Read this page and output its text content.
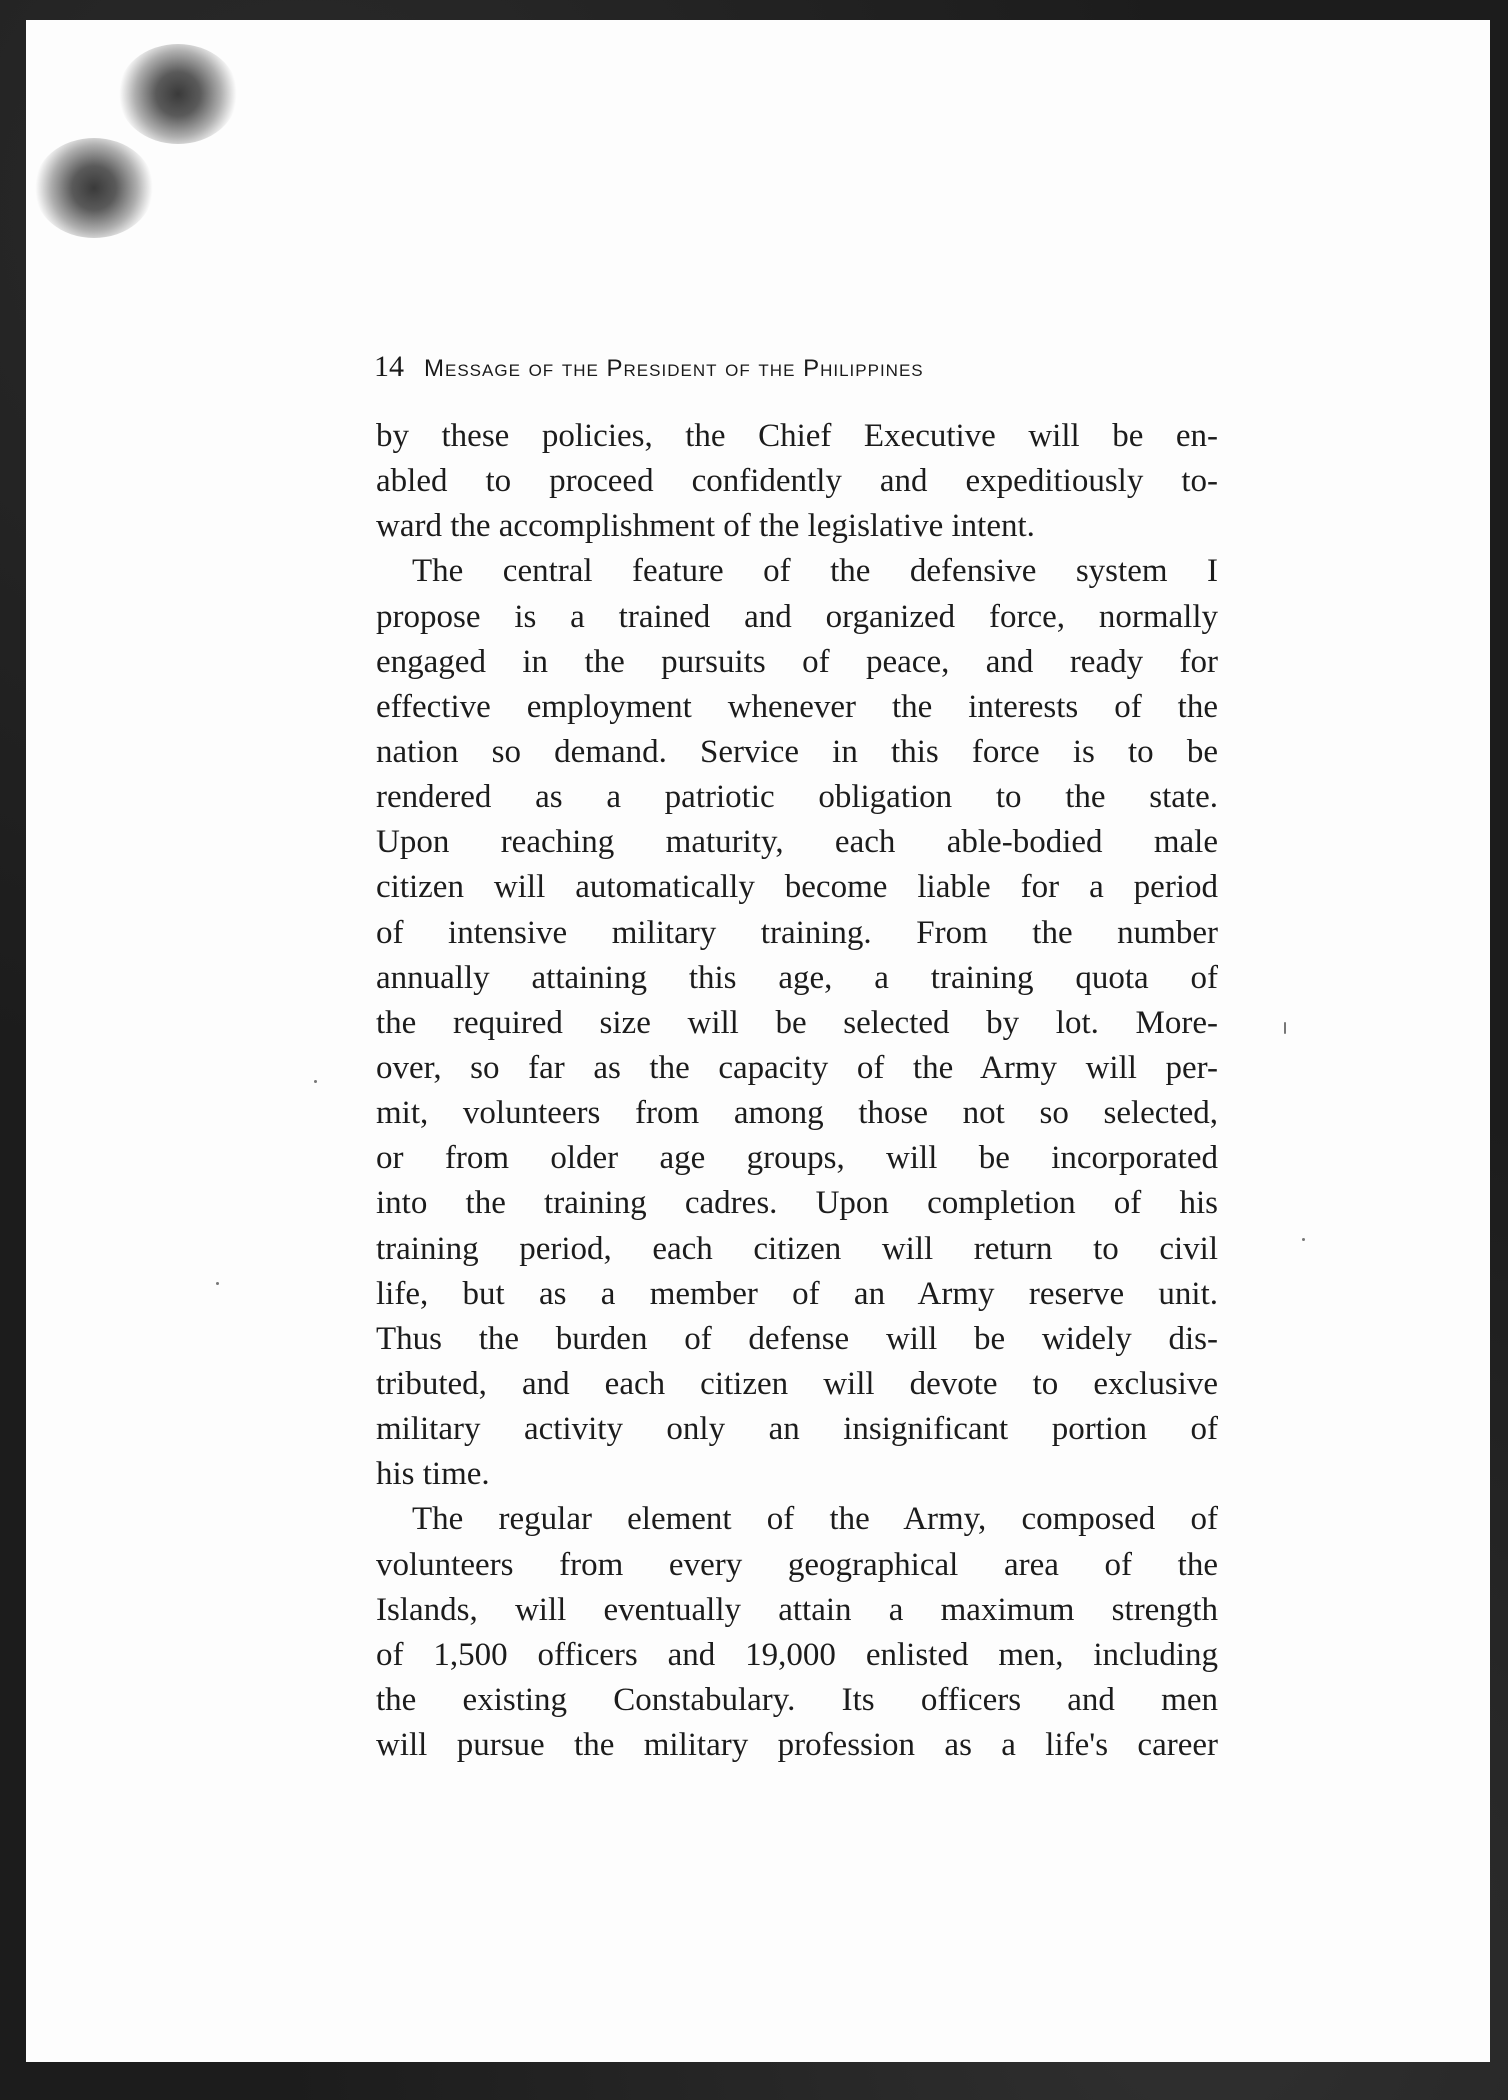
14 Message of the President of the Philippines
by these policies, the Chief Executive will be en-
abled to proceed confidently and expeditiously to-
ward the accomplishment of the legislative intent.
The central feature of the defensive system I
propose is a trained and organized force, normally
engaged in the pursuits of peace, and ready for
effective employment whenever the interests of the
nation so demand. Service in this force is to be
rendered as a patriotic obligation to the state.
Upon reaching maturity, each able-bodied male
citizen will automatically become liable for a period
of intensive military training. From the number
annually attaining this age, a training quota of
the required size will be selected by lot. More-
over, so far as the capacity of the Army will per-
mit, volunteers from among those not so selected,
or from older age groups, will be incorporated
into the training cadres. Upon completion of his
training period, each citizen will return to civil
life, but as a member of an Army reserve unit.
Thus the burden of defense will be widely dis-
tributed, and each citizen will devote to exclusive
military activity only an insignificant portion of
his time.
The regular element of the Army, composed of
volunteers from every geographical area of the
Islands, will eventually attain a maximum strength
of 1,500 officers and 19,000 enlisted men, including
the existing Constabulary. Its officers and men
will pursue the military profession as a life's career
